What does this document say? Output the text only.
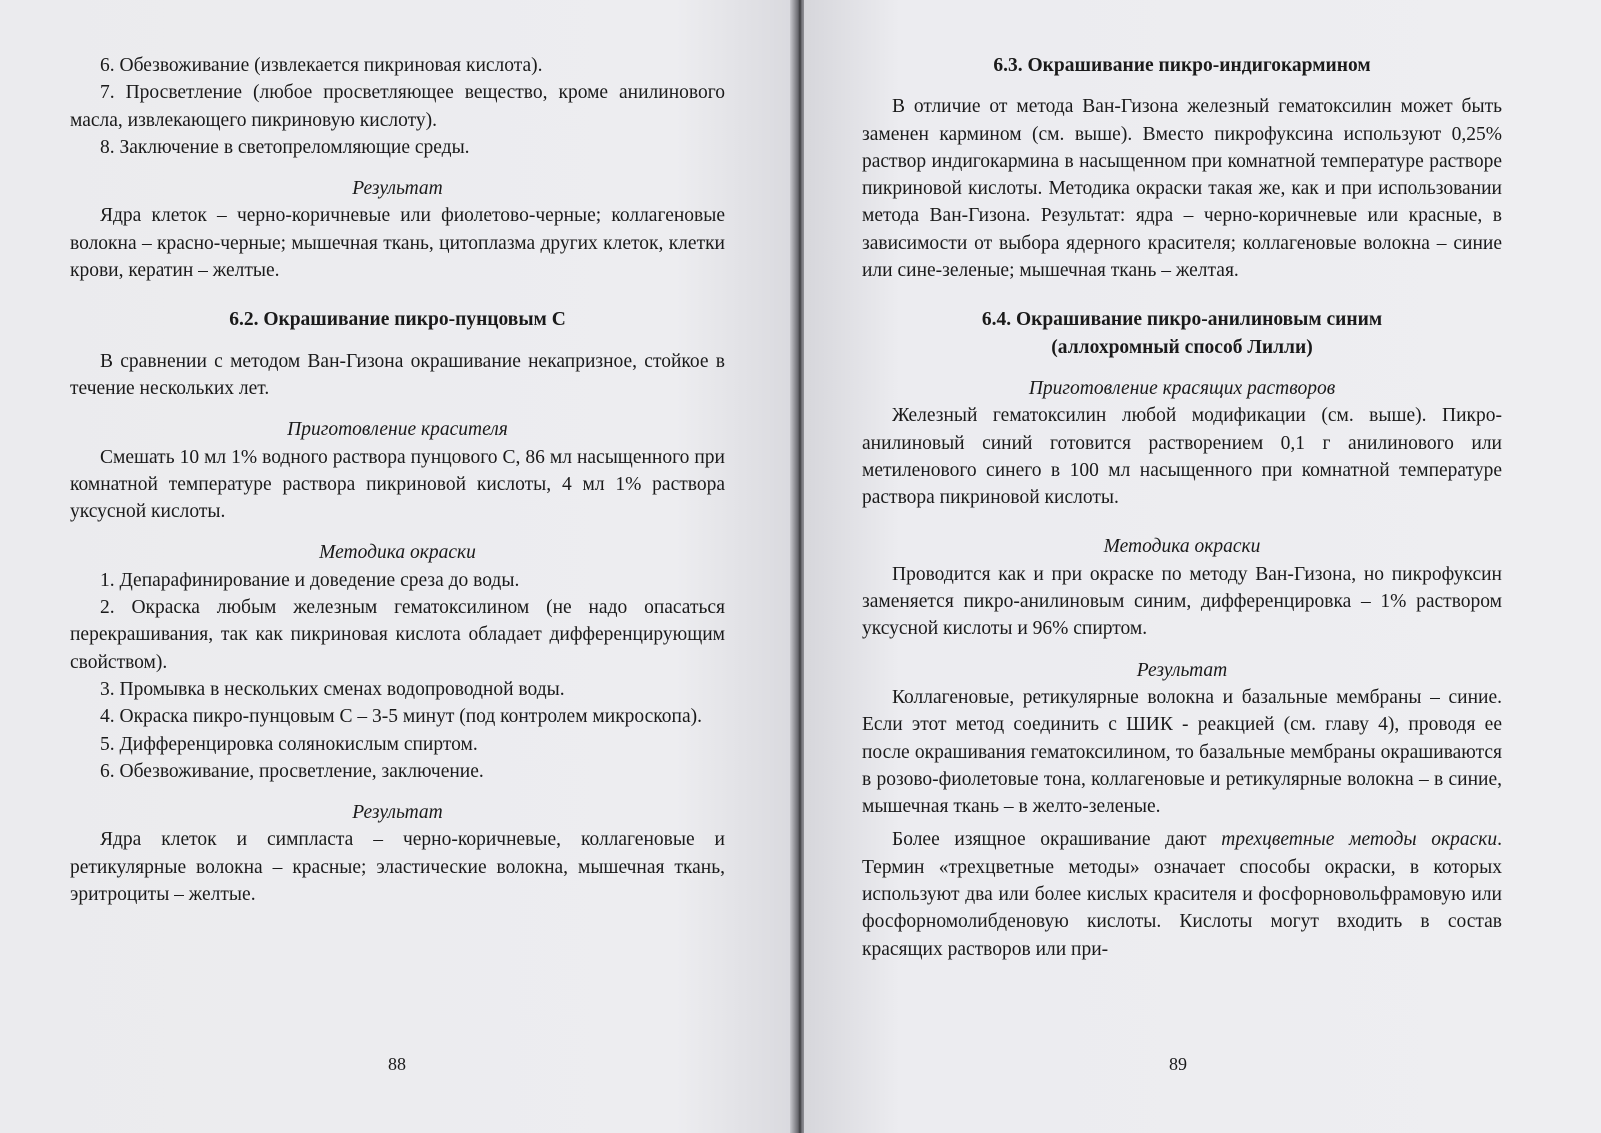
6. Обезвоживание (извлекается пикриновая кислота).

7. Просветление (любое просветляющее вещество, кроме анилинового масла, извлекающего пикриновую кислоту).

8. Заключение в светопреломляющие среды.

Результат

Ядра клеток – черно-коричневые или фиолетово-черные; коллагеновые волокна – красно-черные; мышечная ткань, цитоплазма других клеток, клетки крови, кератин – желтые.

6.2. Окрашивание пикро-пунцовым С

В сравнении с методом Ван-Гизона окрашивание некапризное, стойкое в течение нескольких лет.

Приготовление красителя

Смешать 10 мл 1% водного раствора пунцового С, 86 мл насыщенного при комнатной температуре раствора пикриновой кислоты, 4 мл 1% раствора уксусной кислоты.

Методика окраски

1. Депарафинирование и доведение среза до воды.

2. Окраска любым железным гематоксилином (не надо опасаться перекрашивания, так как пикриновая кислота обладает дифференцирующим свойством).

3. Промывка в нескольких сменах водопроводной воды.

4. Окраска пикро-пунцовым С – 3-5 минут (под контролем микроскопа).

5. Дифференцировка солянокислым спиртом.

6. Обезвоживание, просветление, заключение.

Результат

Ядра клеток и симпласта – черно-коричневые, коллагеновые и ретикулярные волокна – красные; эластические волокна, мышечная ткань, эритроциты – желтые.

88

6.3. Окрашивание пикро-индигокармином

В отличие от метода Ван-Гизона железный гематоксилин может быть заменен кармином (см. выше). Вместо пикрофуксина используют 0,25% раствор индигокармина в насыщенном при комнатной температуре растворе пикриновой кислоты. Методика окраски такая же, как и при использовании метода Ван-Гизона. Результат: ядра – черно-коричневые или красные, в зависимости от выбора ядерного красителя; коллагеновые волокна – синие или сине-зеленые; мышечная ткань – желтая.

6.4. Окрашивание пикро-анилиновым синим

(аллохромный способ Лилли)

Приготовление красящих растворов

Железный гематоксилин любой модификации (см. выше). Пикро-анилиновый синий готовится растворением 0,1 г анилинового или метиленового синего в 100 мл насыщенного при комнатной температуре раствора пикриновой кислоты.

Методика окраски

Проводится как и при окраске по методу Ван-Гизона, но пикрофуксин заменяется пикро-анилиновым синим, дифференцировка – 1% раствором уксусной кислоты и 96% спиртом.

Результат

Коллагеновые, ретикулярные волокна и базальные мембраны – синие. Если этот метод соединить с ШИК - реакцией (см. главу 4), проводя ее после окрашивания гематоксилином, то базальные мембраны окрашиваются в розово-фиолетовые тона, коллагеновые и ретикулярные волокна – в синие, мышечная ткань – в желто-зеленые.

Более изящное окрашивание дают трехцветные методы окраски. Термин «трехцветные методы» означает способы окраски, в которых используют два или более кислых красителя и фосфорновольфрамовую или фосфорномолибденовую кислоты. Кислоты могут входить в состав красящих растворов или при-

89
